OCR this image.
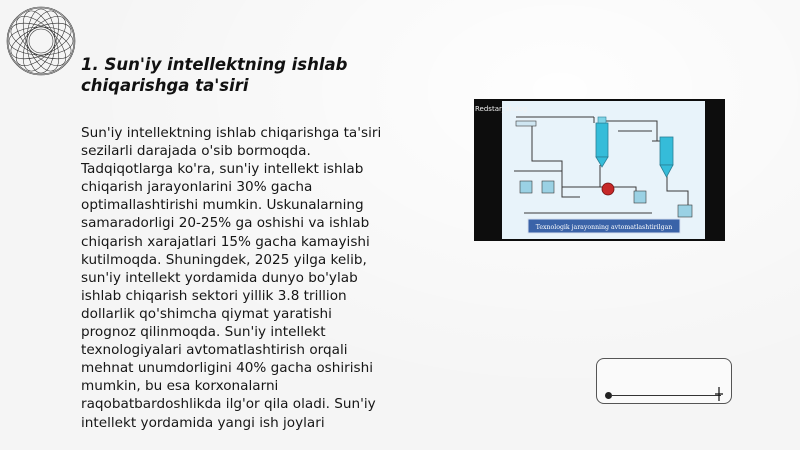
1. Sun'iy intellektning ishlab
chiqarishga ta'siri

Sun'iy intellektning ishlab chiqarishga ta'siri
sezilarli darajada o'sib bormoqda.
Tadqiqotlarga ko'ra, sun'iy intellekt ishlab
chiqarish jarayonlarini 30% gacha
optimallashtirishi mumkin. Uskunalarning
samaradorligi 20-25% ga oshishi va ishlab
chiqarish xarajatlari 15% gacha kamayishi
kutilmoqda. Shuningdek, 2025 yilga kelib,
sun'iy intellekt yordamida dunyo bo'ylab
ishlab chiqarish sektori yillik 3.8 trillion
dollarlik qo'shimcha qiymat yaratishi
prognoz qilinmoqda. Sun'iy intellekt
texnologiyalari avtomatlashtirish orqali
mehnat unumdorligini 40% gacha oshirishi
mumkin, bu esa korxonalarni
raqobatbardoshlikda ilg'or qila oladi. Sun'iy
intellekt yordamida yangi ish joylari

Texnologik jarayonning avtomatlashtirilgan
Redstar_ahdog
